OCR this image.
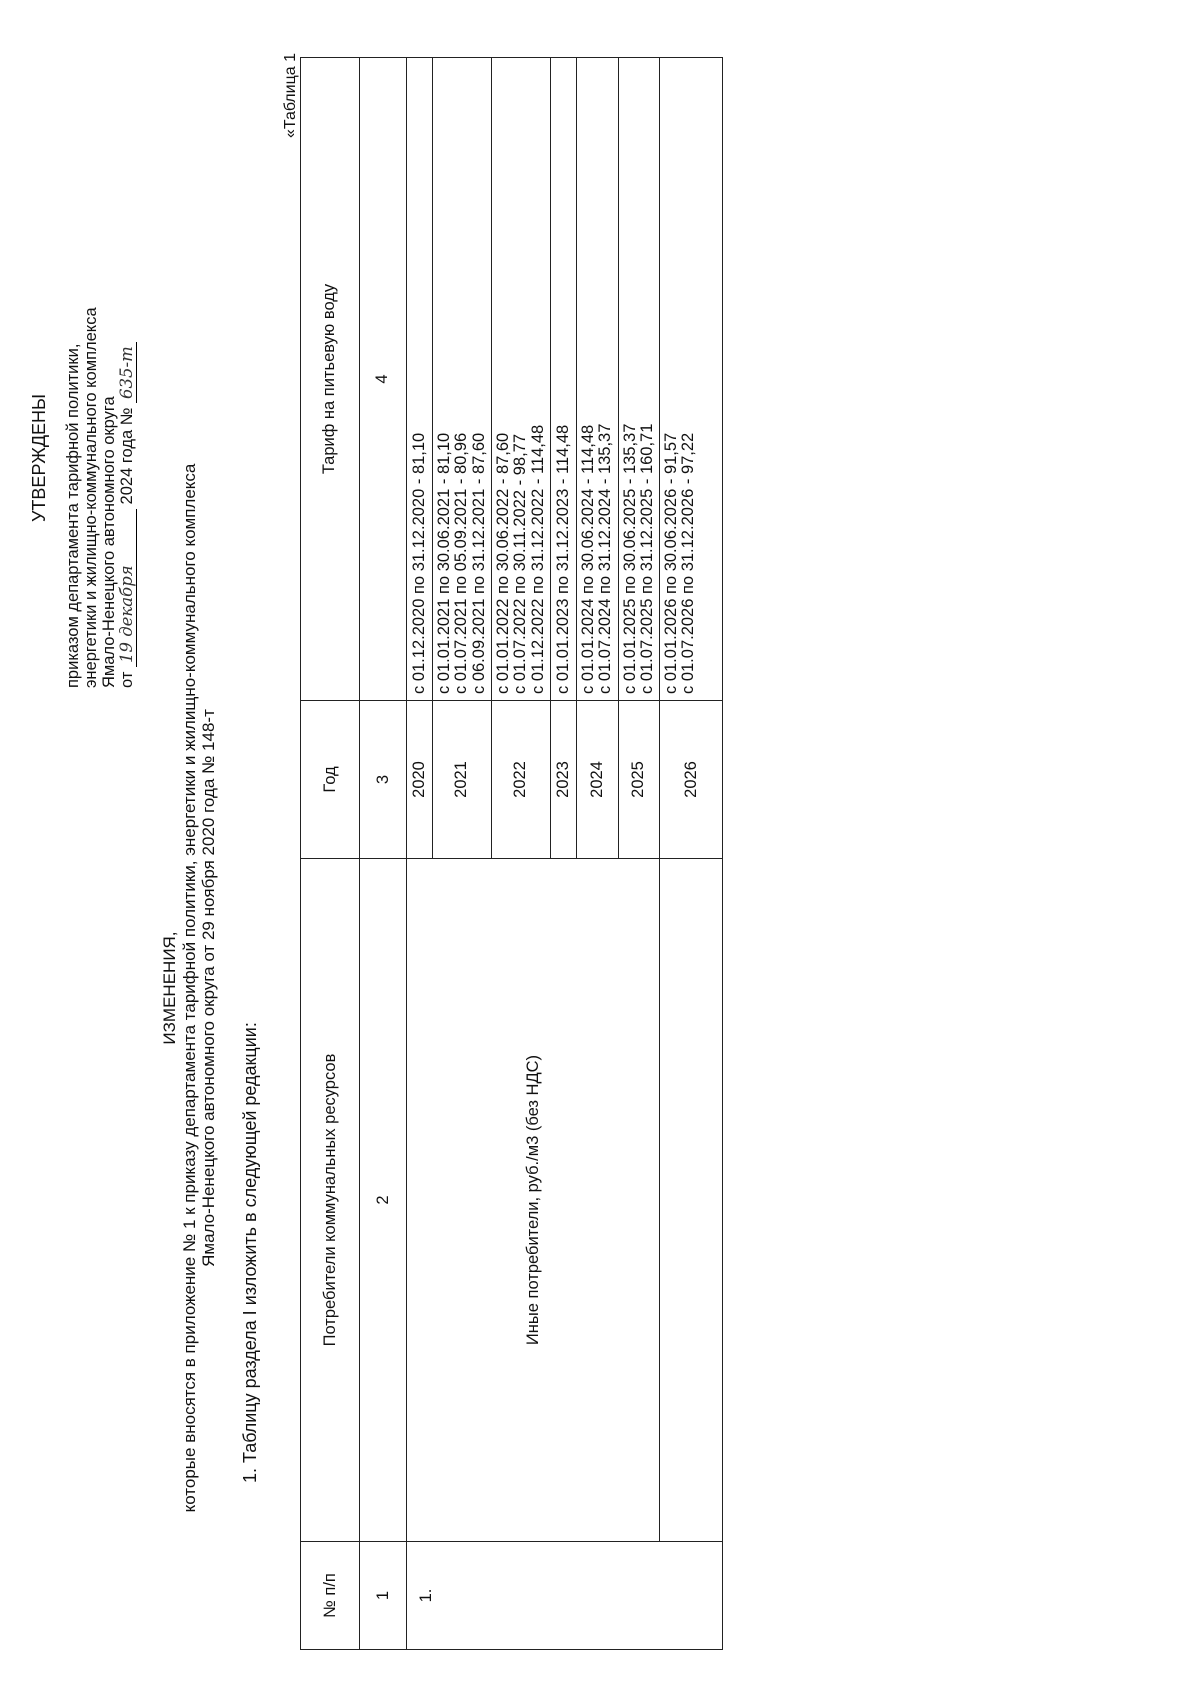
УТВЕРЖДЕНЫ приказом департамента тарифной политики, энергетики и жилищно-коммунального комплекса Ямало-Ненецкого автономного округа от 19 декабря 2024 года № 635-т
ИЗМЕНЕНИЯ, которые вносятся в приложение № 1 к приказу департамента тарифной политики, энергетики и жилищно-коммунального комплекса
Ямало-Ненецкого автономного округа от 29 ноября 2020 года № 148-т 1. Таблицу раздела I изложить в следующей редакции:
«Таблица 1
№ п/п	Потребители коммунальных ресурсов	Год	Тариф на питьевую воду
1	2	3	4
1.	Иные потребители, руб./м3 (без НДС)	2020	с 01.12.2020 по 31.12.2020 - 81,10
		2021	с 01.01.2021 по 30.06.2021 - 81,10
с 01.07.2021 по 05.09.2021 - 80,96
с 06.09.2021 по 31.12.2021 - 87,60
		2022	с 01.01.2022 по 30.06.2022 - 87,60
с 01.07.2022 по 30.11.2022 - 98,77
с 01.12.2022 по 31.12.2022 - 114,48
		2023	с 01.01.2023 по 31.12.2023 - 114,48
		2024	с 01.01.2024 по 30.06.2024 - 114,48
с 01.07.2024 по 31.12.2024 - 135,37
		2025	с 01.01.2025 по 30.06.2025 - 135,37
с 01.07.2025 по 31.12.2025 - 160,71
		2026	с 01.01.2026 по 30.06.2026 - 91,57
с 01.07.2026 по 31.12.2026 - 97,22
